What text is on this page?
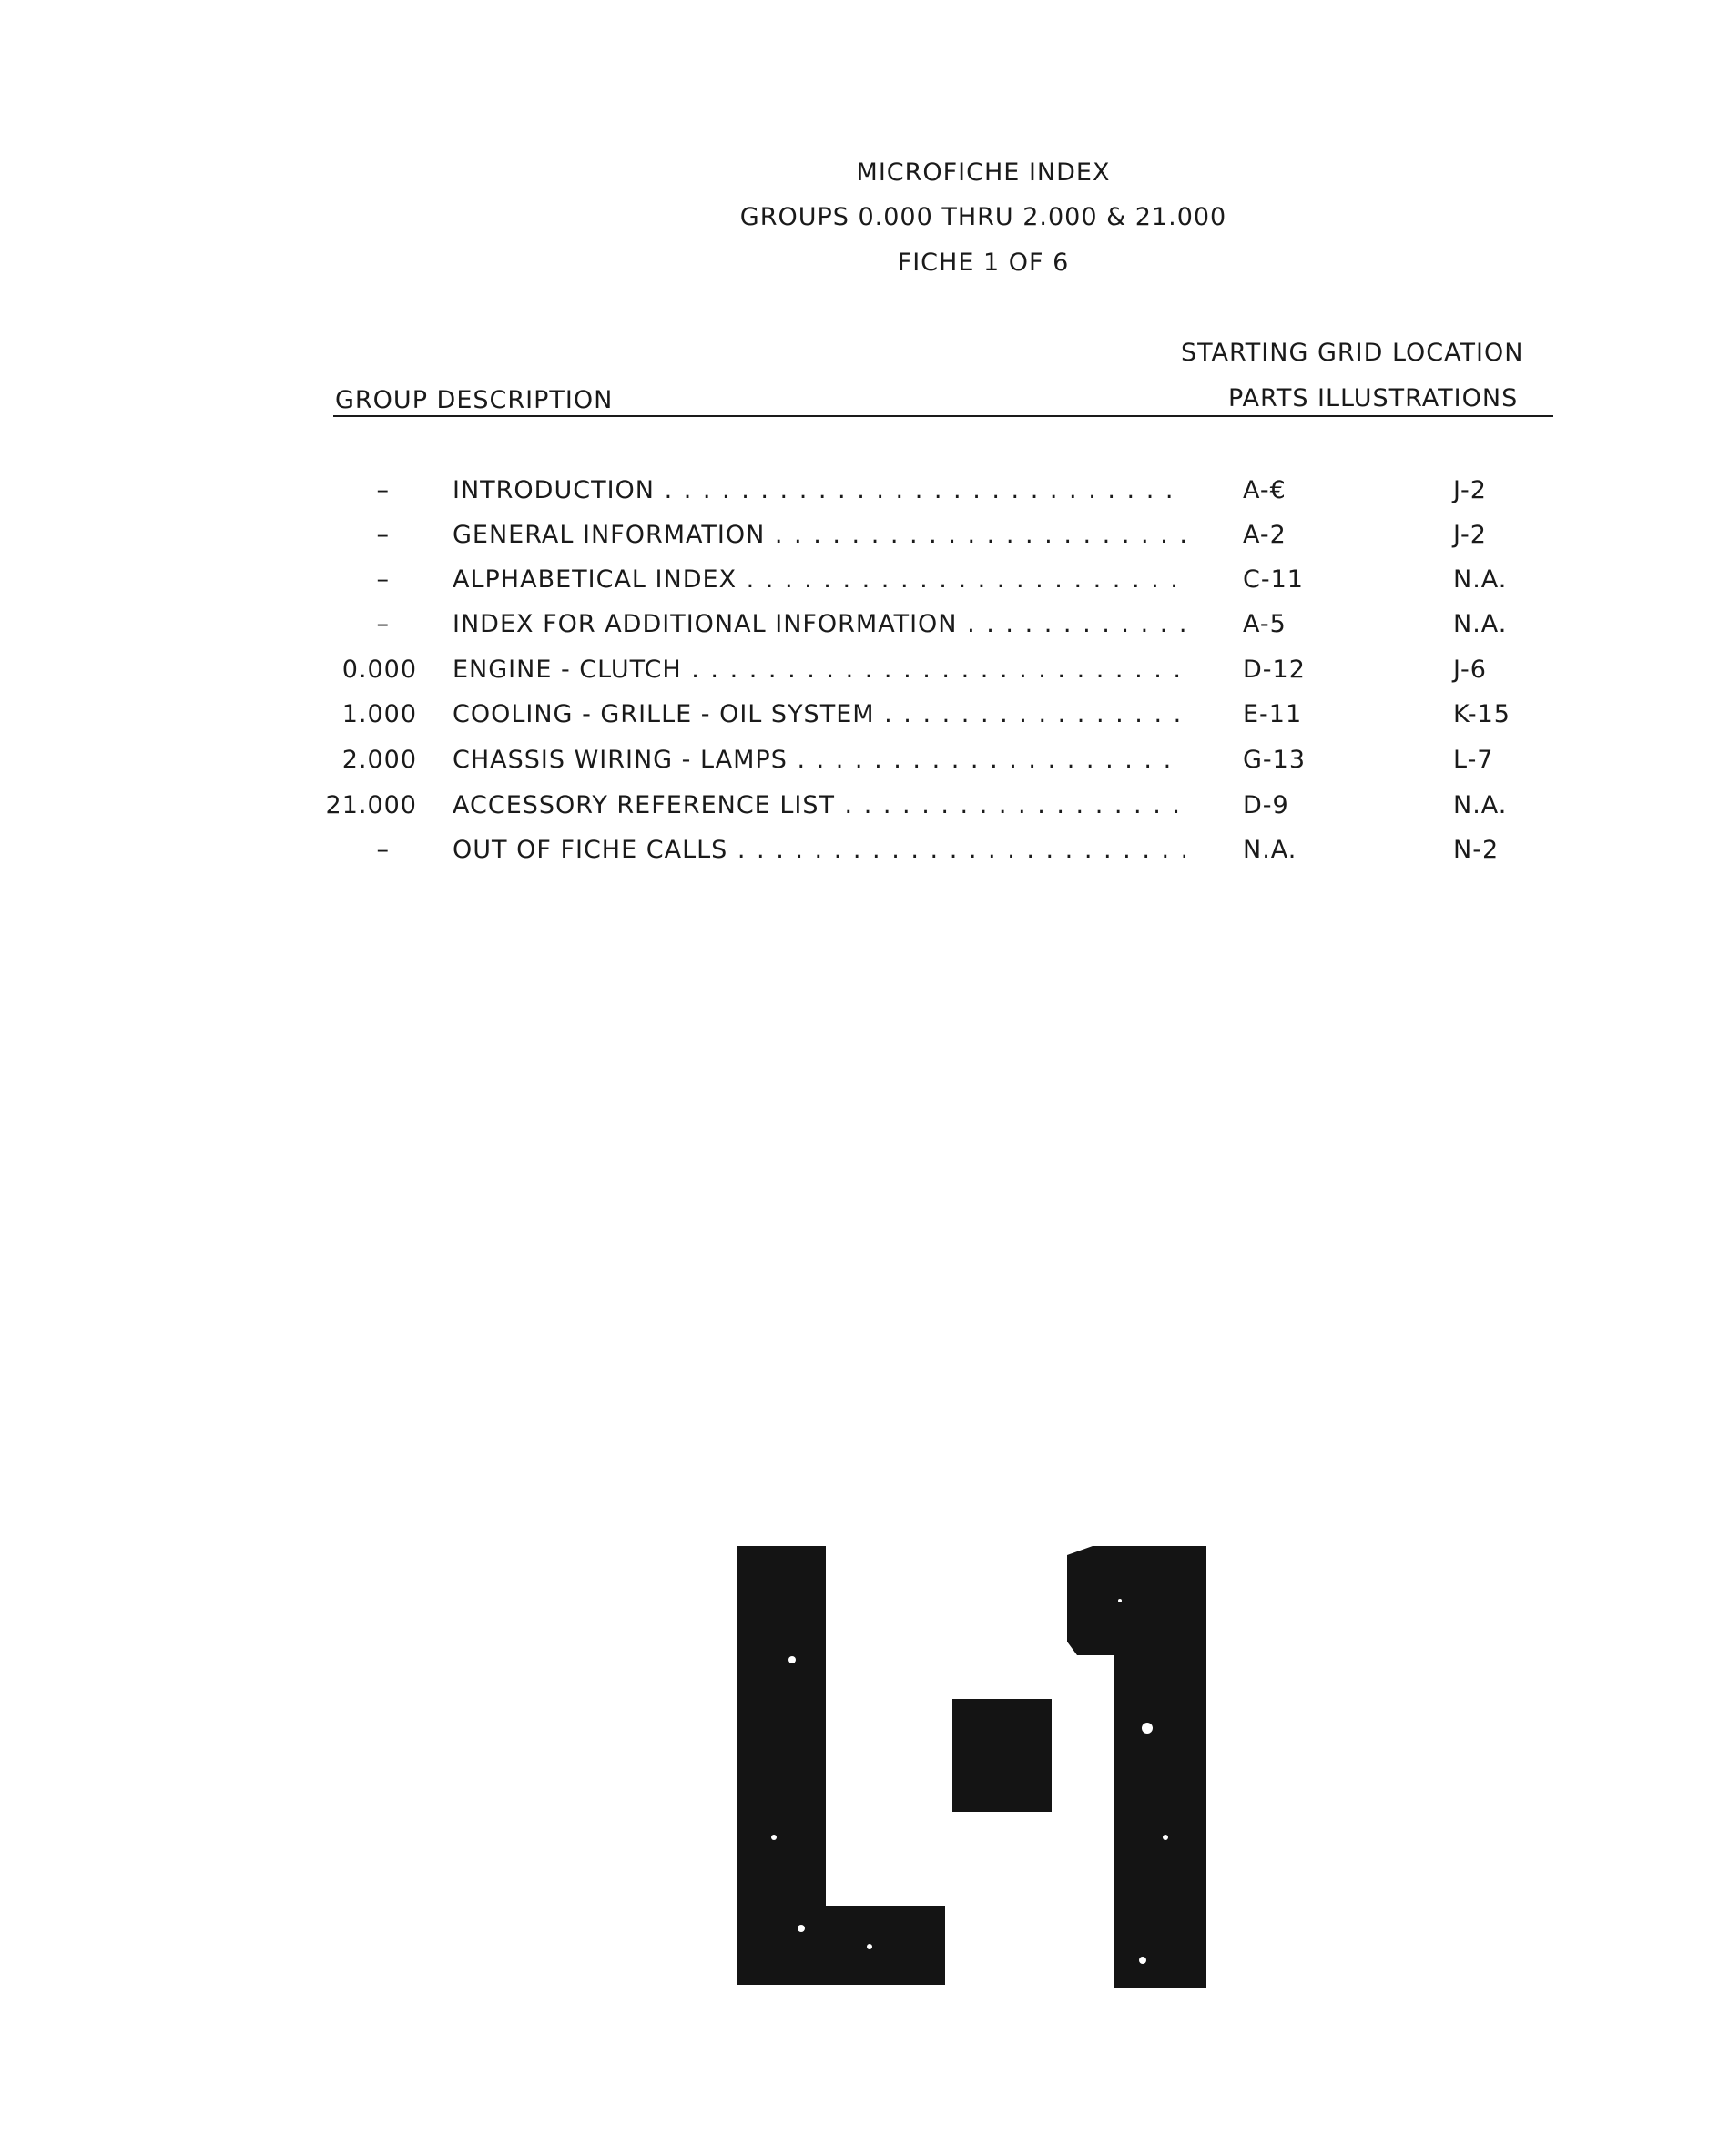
MICROFICHE INDEX
GROUPS 0.000 THRU 2.000 & 21.000
FICHE 1 OF 6
STARTING GRID LOCATION
GROUP DESCRIPTION	PARTS ILLUSTRATIONS
–	INTRODUCTION . . .	A-€	J-2
–	GENERAL INFORMATION . . .	A-2	J-2
–	ALPHABETICAL INDEX . . .	C-11	N.A.
–	INDEX FOR ADDITIONAL INFORMATION . . .	A-5	N.A.
0.000 ENGINE - CLUTCH . . .	D-12	J-6
1.000 COOLING - GRILLE - OIL SYSTEM . . .	E-11	K-15
2.000 CHASSIS WIRING - LAMPS . . .	G-13	L-7
21.000 ACCESSORY REFERENCE LIST . . .	D-9	N.A.
–	OUT OF FICHE CALLS . . .	N.A.	N-2
